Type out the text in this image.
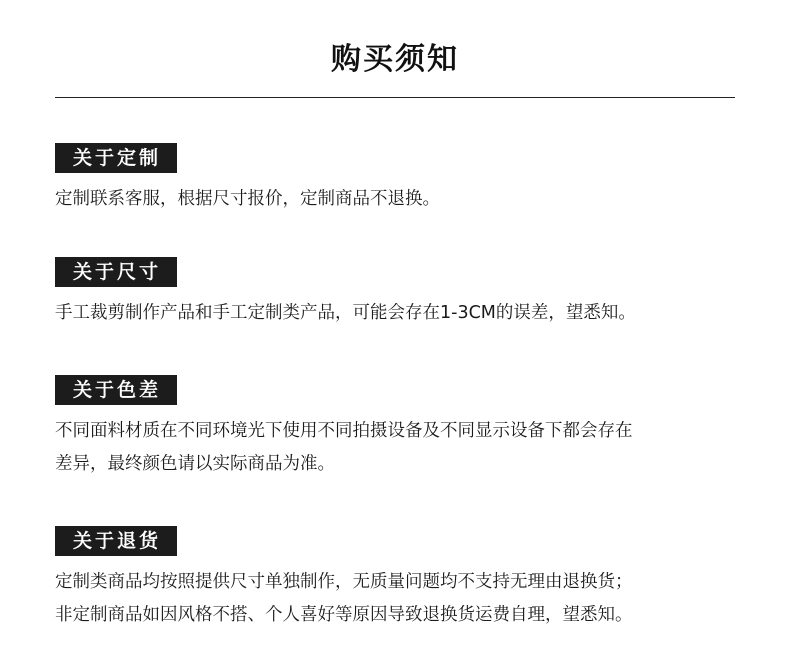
购买须知
关于定制

定制联系客服，根据尺寸报价，定制商品不退换。

关于尺寸

手工裁剪制作产品和手工定制类产品，可能会存在1-3CM的误差，望悉知。

关于色差

不同面料材质在不同环境光下使用不同拍摄设备及不同显示设备下都会存在

差异，最终颜色请以实际商品为准。

关于退货

定制类商品均按照提供尺寸单独制作，无质量问题均不支持无理由退换货；

非定制商品如因风格不搭、个人喜好等原因导致退换货运费自理，望悉知。
